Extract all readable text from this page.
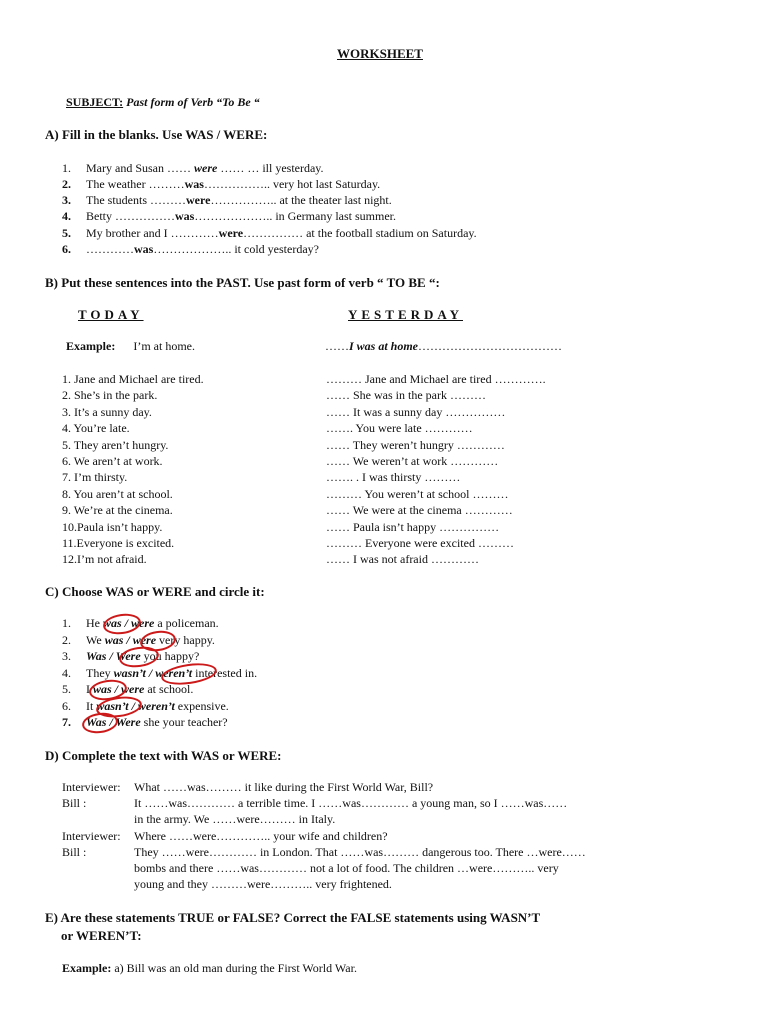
WORKSHEET
SUBJECT: Past form of Verb “To Be “
A) Fill in the blanks. Use WAS / WERE:
1. Mary and Susan …… were …… … ill yesterday.
2. The weather ………was…………….. very hot last Saturday.
3. The students ………were…………….. at the theater last night.
4. Betty ……………was……………….. in Germany last summer.
5. My brother and I …………were…………… at the football stadium on Saturday.
6. …………was……………….. it cold yesterday?
B) Put these sentences into the PAST. Use past form of verb “ TO BE “:
TODAY	YESTERDAY
Example: I’m at home.	……I was at home………………………………
1. Jane and Michael are tired.	……… Jane and Michael are tired ………….
2. She’s in the park.	…… She was in the park ………
3. It’s a sunny day.	…… It was a sunny day ……………
4. You’re late.	……. You were late …………
5. They aren’t hungry.	…… They weren’t hungry …………
6. We aren’t at work.	…… We weren’t at work …………
7. I’m thirsty.	……. . I was thirsty ………
8. You aren’t at school.	……… You weren’t at school ………
9. We’re at the cinema.	…… We were at the cinema …………
10.Paula isn’t happy.	…… Paula isn’t happy ……………
11.Everyone is excited.	……… Everyone were excited ………
12.I’m not afraid.	…… I was not afraid …………
C) Choose WAS or WERE and circle it:
1. He was / were a policeman.
2. We was / were very happy.
3. Was / Were you happy?
4. They wasn’t / weren’t interested in.
5. I was / were at school.
6. It wasn’t / weren’t expensive.
7. Was / Were she your teacher?
D) Complete the text with WAS or WERE:
Interviewer: What ……was……… it like during the First World War, Bill?
Bill :	It ……was………… a terrible time. I ……was………… a young man, so I ……was……
in the army. We ……were……… in Italy.
Interviewer: Where ……were………….. your wife and children?
Bill :	They ……were………… in London. That ……was……… dangerous too. There …were……
bombs and there ……was………… not a lot of food. The children …were……….. very
young and they ………were……….. very frightened.
E) Are these statements TRUE or FALSE? Correct the FALSE statements using WASN’T
or WEREN’T:
Example: a) Bill was an old man during the First World War.
